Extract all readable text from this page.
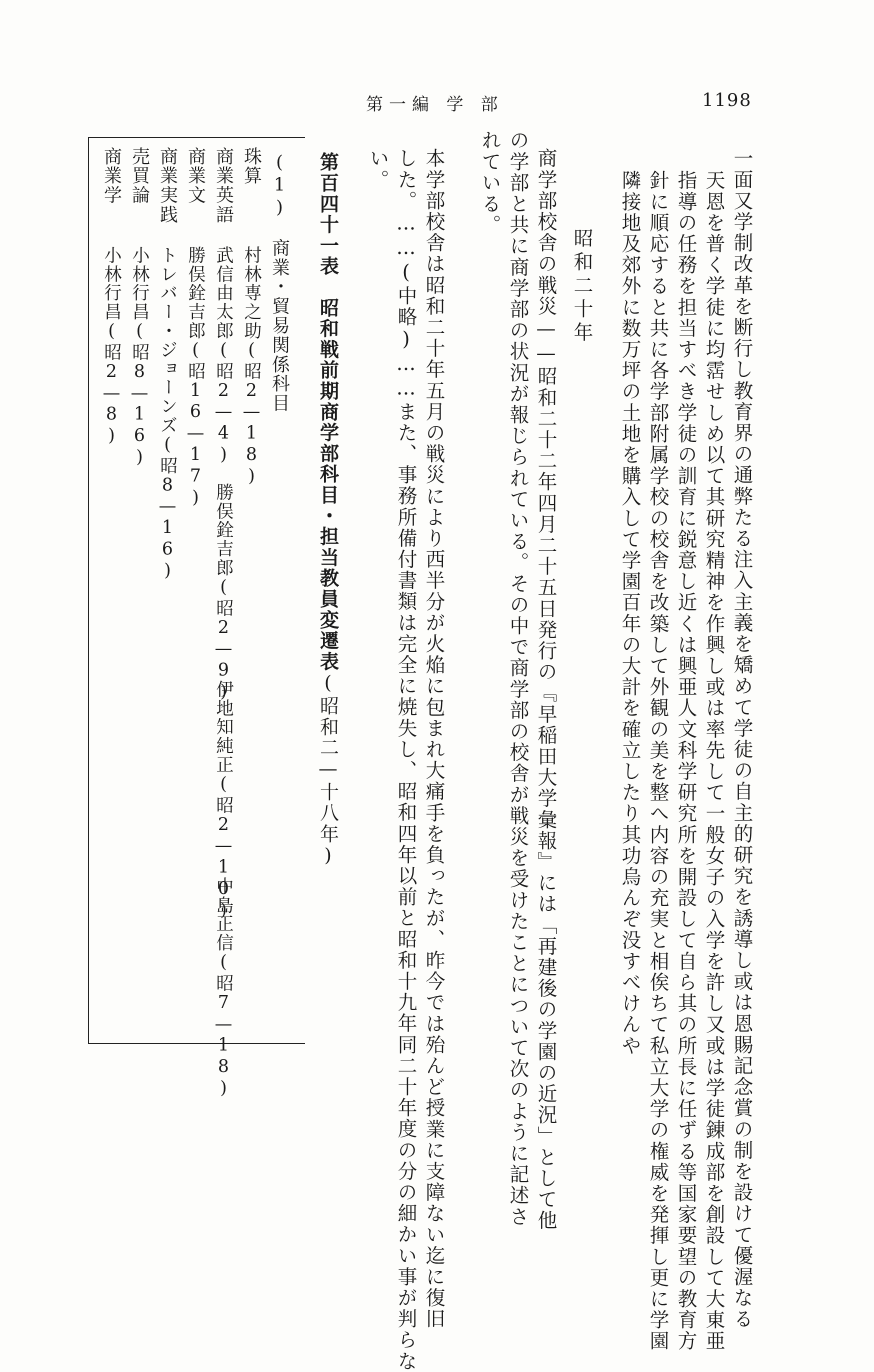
第一編 学 部	1198
一面又学制改革を断行し教育界の通弊たる注入主義を矯めて学徒の自主的研究を誘導し或は恩賜記念賞の制を設けて優渥なる
天恩を普く学徒に均霑せしめ以て其研究精神を作興し或は率先して一般女子の入学を許し又或は学徒錬成部を創設して大東亜
指導の任務を担当すべき学徒の訓育に鋭意し近くは興亜人文科学研究所を開設して自ら其の所長に任ずる等国家要望の教育方
針に順応すると共に各学部附属学校の校舎を改築して外観の美を整へ内容の充実と相俟ちて私立大学の権威を発揮し更に学園
隣接地及郊外に数万坪の土地を購入して学園百年の大計を確立したり其功烏んぞ没すべけんや
昭和二十年
商学部校舎の戦災——昭和二十二年四月二十五日発行の『早稲田大学彙報』には「再建後の学園の近況」として他
の学部と共に商学部の状況が報じられている。その中で商学部の校舎が戦災を受けたことについて次のように記述さ
れている。
本学部校舎は昭和二十年五月の戦災により西半分が火焔に包まれ大痛手を負ったが、昨今では殆んど授業に支障ない迄に復旧
した。……(中略)……また、事務所備付書類は完全に焼失し、昭和四年以前と昭和十九年同二十年度の分の細かい事が判らな
い。
第百四十一表　昭和戦前期商学部科目・担当教員変遷表(昭和二—十八年)
(1)　商業・貿易関係科目
珠算
村林専之助(昭2—18)
商業英語
武信由太郎(昭2—4)
勝俣銓吉郎(昭2—9)
伊地知純正(昭2—10)
中島正信(昭7—18)
商業文
勝俣銓吉郎(昭16—17)
商業実践
トレバー・ジョーンズ(昭8—16)
売買論
小林行昌(昭8—16)
商業学
小林行昌(昭2—8)
